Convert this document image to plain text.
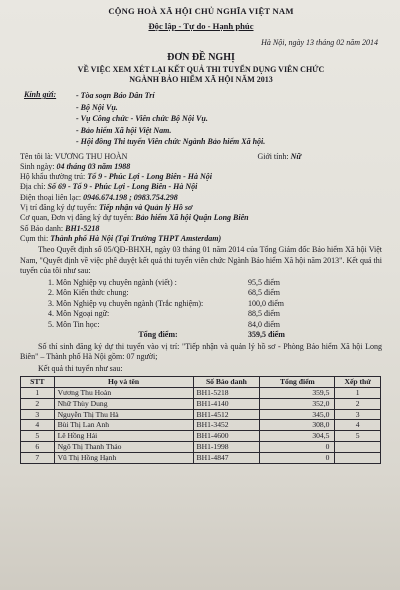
CỘNG HOÀ XÃ HỘI CHỦ NGHĨA VIỆT NAM
Độc lập - Tự do - Hạnh phúc
Hà Nội, ngày 13 tháng 02 năm 2014
ĐƠN ĐỀ NGHỊ
VỀ VIỆC XEM XÉT LẠI KẾT QUẢ THI TUYỂN DỤNG VIÊN CHỨC
NGÀNH BẢO HIỂM XÃ HỘI NĂM 2013
Kính gửi:	- Tòa soạn Báo Dân Trí
- Bộ Nội Vụ.
- Vụ Công chức - Viên chức Bộ Nội Vụ.
- Bảo hiểm Xã hội Việt Nam.
- Hội đồng Thi tuyển Viên chức Ngành Bảo hiểm Xã hội.
Tên tôi là: VƯƠNG THU HOÀN	Giới tính: Nữ
Sinh ngày: 04 tháng 03 năm 1988
Hộ khẩu thường trú: Tổ 9 - Phúc Lợi - Long Biên - Hà Nội
Địa chỉ: Số 69 - Tổ 9 - Phúc Lợi - Long Biên - Hà Nội
Điện thoại liên lạc: 0946.674.198 ; 0983.754.298
Vị trí đăng ký dự tuyển: Tiếp nhận và Quản lý Hồ sơ
Cơ quan, Đơn vị đăng ký dự tuyển: Bảo hiểm Xã hội Quận Long Biên
Số Báo danh: BH1-5218
Cụm thi: Thành phố Hà Nội (Tại Trường THPT Amsterdam)
Theo Quyết định số 05/QĐ-BHXH, ngày 03 tháng 01 năm 2014 của Tổng Giám đốc Bảo hiểm Xã hội Việt Nam, "Quyết định về việc phê duyệt kết quả thi tuyển viên chức Ngành Bảo hiểm Xã hội năm 2013". Kết quả thi tuyển của tôi như sau:
1. Môn Nghiệp vụ chuyên ngành (viết) :	95,5 điểm
2. Môn Kiến thức chung:	68,5 điểm
3. Môn Nghiệp vụ chuyên ngành (Trắc nghiệm):	100,0 điểm
4. Môn Ngoại ngữ:	88,5 điểm
5. Môn Tin học:	84,0 điểm
Tổng điểm:	359,5 điểm
Số thí sinh đăng ký dự thi tuyển vào vị trí: "Tiếp nhận và quản lý hồ sơ - Phòng Bảo hiểm Xã hội Long Biên" – Thành phố Hà Nội gồm: 07 người;
Kết quả thi tuyển như sau:
STT	Họ và tên	Số Báo danh	Tổng điểm	Xếp thứ
1	Vương Thu Hoàn	BH1-5218	359,5	1
2	Nhữ Thùy Dung	BH1-4140	352,0	2
3	Nguyễn Thị Thu Hà	BH1-4512	345,0	3
4	Bùi Thị Lan Anh	BH1-3452	308,0	4
5	Lê Hồng Hải	BH1-4600	304,5	5
6	Ngô Thị Thanh Thảo	BH1-1998	0	
7	Vũ Thị Hồng Hạnh	BH1-4847	0	
